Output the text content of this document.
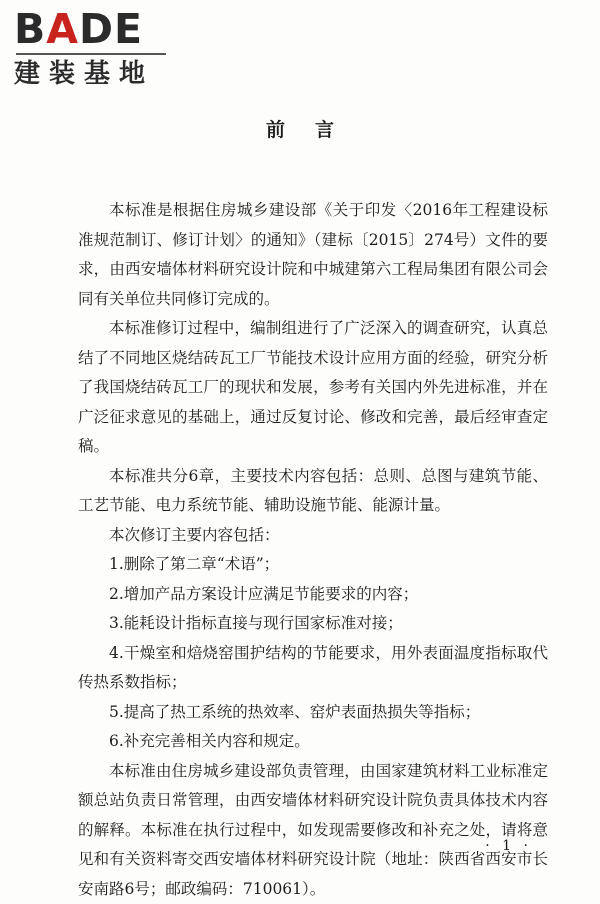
BADE
建装基地
前言

本标准是根据住房城乡建设部《关于印发〈2016年工程建设标准规范制订、修订计划〉的通知》（建标〔2015〕274号）文件的要求，由西安墙体材料研究设计院和中城建第六工程局集团有限公司会同有关单位共同修订完成的。

本标准修订过程中，编制组进行了广泛深入的调查研究，认真总结了不同地区烧结砖瓦工厂节能技术设计应用方面的经验，研究分析了我国烧结砖瓦工厂的现状和发展，参考有关国内外先进标准，并在广泛征求意见的基础上，通过反复讨论、修改和完善，最后经审查定稿。

本标准共分6章，主要技术内容包括：总则、总图与建筑节能、工艺节能、电力系统节能、辅助设施节能、能源计量。

本次修订主要内容包括：

1.删除了第二章“术语”；

2.增加产品方案设计应满足节能要求的内容；

3.能耗设计指标直接与现行国家标准对接；

4.干燥室和焙烧窑围护结构的节能要求，用外表面温度指标取代传热系数指标；

5.提高了热工系统的热效率、窑炉表面热损失等指标；

6.补充完善相关内容和规定。

本标准由住房城乡建设部负责管理，由国家建筑材料工业标准定额总站负责日常管理，由西安墙体材料研究设计院负责具体技术内容的解释。本标准在执行过程中，如发现需要修改和补充之处，请将意见和有关资料寄交西安墙体材料研究设计院（地址：陕西省西安市长安南路6号；邮政编码：710061）。

· 1 ·
